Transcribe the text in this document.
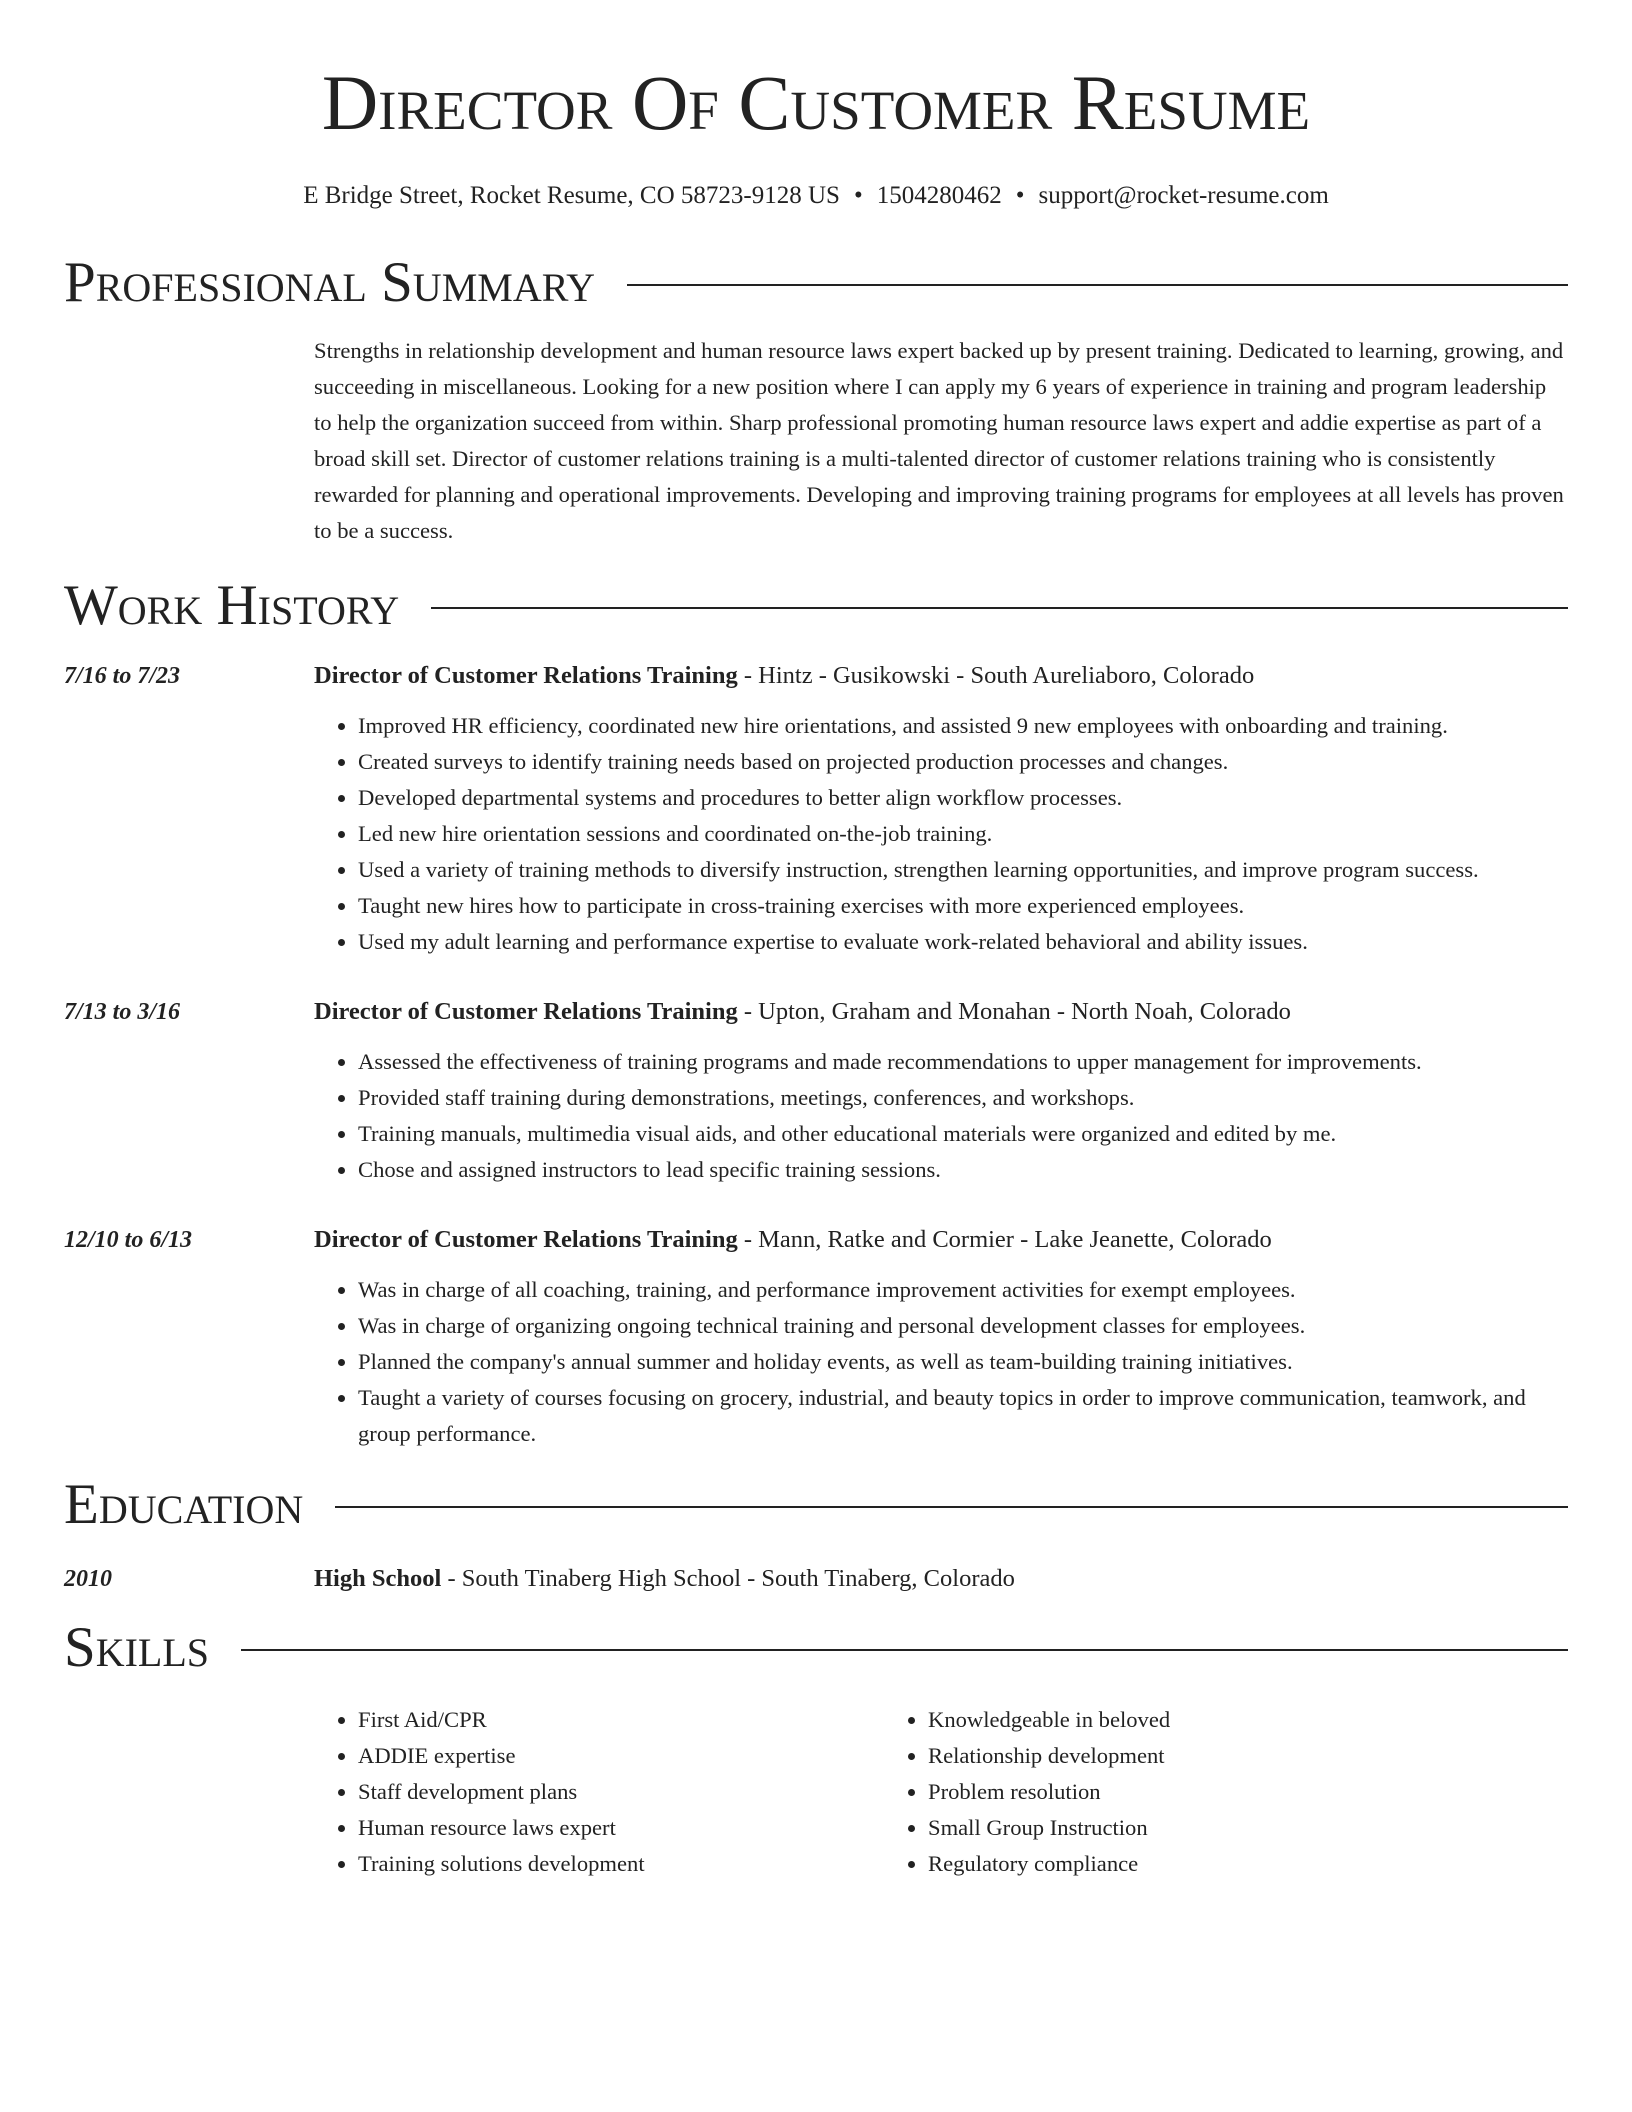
Director Of Customer Resume
E Bridge Street, Rocket Resume, CO 58723-9128 US • 1504280462 • support@rocket-resume.com
Professional Summary
Strengths in relationship development and human resource laws expert backed up by present training. Dedicated to learning, growing, and succeeding in miscellaneous. Looking for a new position where I can apply my 6 years of experience in training and program leadership to help the organization succeed from within. Sharp professional promoting human resource laws expert and addie expertise as part of a broad skill set. Director of customer relations training is a multi-talented director of customer relations training who is consistently rewarded for planning and operational improvements. Developing and improving training programs for employees at all levels has proven to be a success.
Work History
7/16 to 7/23	Director of Customer Relations Training - Hintz - Gusikowski - South Aureliaboro, Colorado
• Improved HR efficiency, coordinated new hire orientations, and assisted 9 new employees with onboarding and training.
• Created surveys to identify training needs based on projected production processes and changes.
• Developed departmental systems and procedures to better align workflow processes.
• Led new hire orientation sessions and coordinated on-the-job training.
• Used a variety of training methods to diversify instruction, strengthen learning opportunities, and improve program success.
• Taught new hires how to participate in cross-training exercises with more experienced employees.
• Used my adult learning and performance expertise to evaluate work-related behavioral and ability issues.
7/13 to 3/16	Director of Customer Relations Training - Upton, Graham and Monahan - North Noah, Colorado
• Assessed the effectiveness of training programs and made recommendations to upper management for improvements.
• Provided staff training during demonstrations, meetings, conferences, and workshops.
• Training manuals, multimedia visual aids, and other educational materials were organized and edited by me.
• Chose and assigned instructors to lead specific training sessions.
12/10 to 6/13	Director of Customer Relations Training - Mann, Ratke and Cormier - Lake Jeanette, Colorado
• Was in charge of all coaching, training, and performance improvement activities for exempt employees.
• Was in charge of organizing ongoing technical training and personal development classes for employees.
• Planned the company's annual summer and holiday events, as well as team-building training initiatives.
• Taught a variety of courses focusing on grocery, industrial, and beauty topics in order to improve communication, teamwork, and group performance.
Education
2010	High School - South Tinaberg High School - South Tinaberg, Colorado
Skills
• First Aid/CPR
• ADDIE expertise
• Staff development plans
• Human resource laws expert
• Training solutions development
• Knowledgeable in beloved
• Relationship development
• Problem resolution
• Small Group Instruction
• Regulatory compliance
